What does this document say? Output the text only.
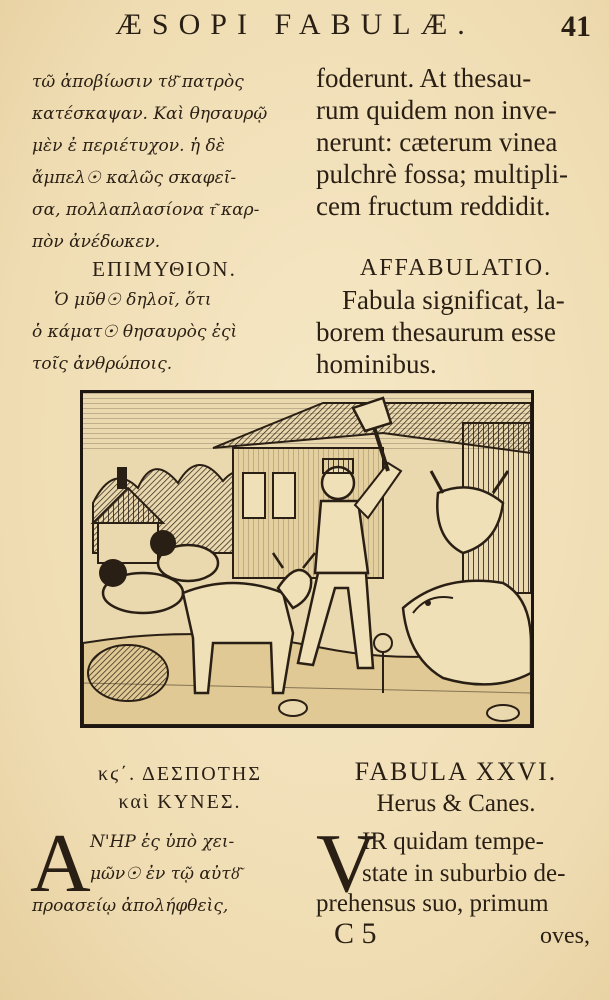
ÆSOPI FABULÆ.	41
τῶ ἀποβίωσιν τȣ͂ πατρὸς
κατέσκαψαν. Καὶ θησαυρῷ
μὲν ἐ περιέτυχον. ἡ δὲ
ἄμπελ☉ καλῶς σκαφεῖ-
σα, πολλαπλασίονα τ͂ καρ-
πὸν ἀνέδωκεν.
foderunt. At thesau-
rum quidem non inve-
nerunt: cæterum vinea
pulchrè fossa; multipli-
cem fructum reddidit.
ΕΠΙΜΥΘΙΟΝ.
Ὁ μῦθ☉ δηλοῖ, ὅτι
ὁ κάματ☉ θησαυρὸς ἐςὶ
τοῖς ἀνθρώποις.
AFFABULATIO.
Fabula significat, la-
borem thesaurum esse
hominibus.
κϛ΄. ΔΕΣΠΟΤΗΣ
καὶ ΚΥΝΕΣ.
A Ν'ΗΡ ἐς ὑπὸ χει-
μῶν☉ ἐν τῷ αὐτȣ͂
προασείῳ ἀπολήφθεὶς,
FABULA XXVI.
Herus & Canes.
V
IR quidam tempe-
state in suburbio de-
prehensus suo, primum
C 5	oves,
